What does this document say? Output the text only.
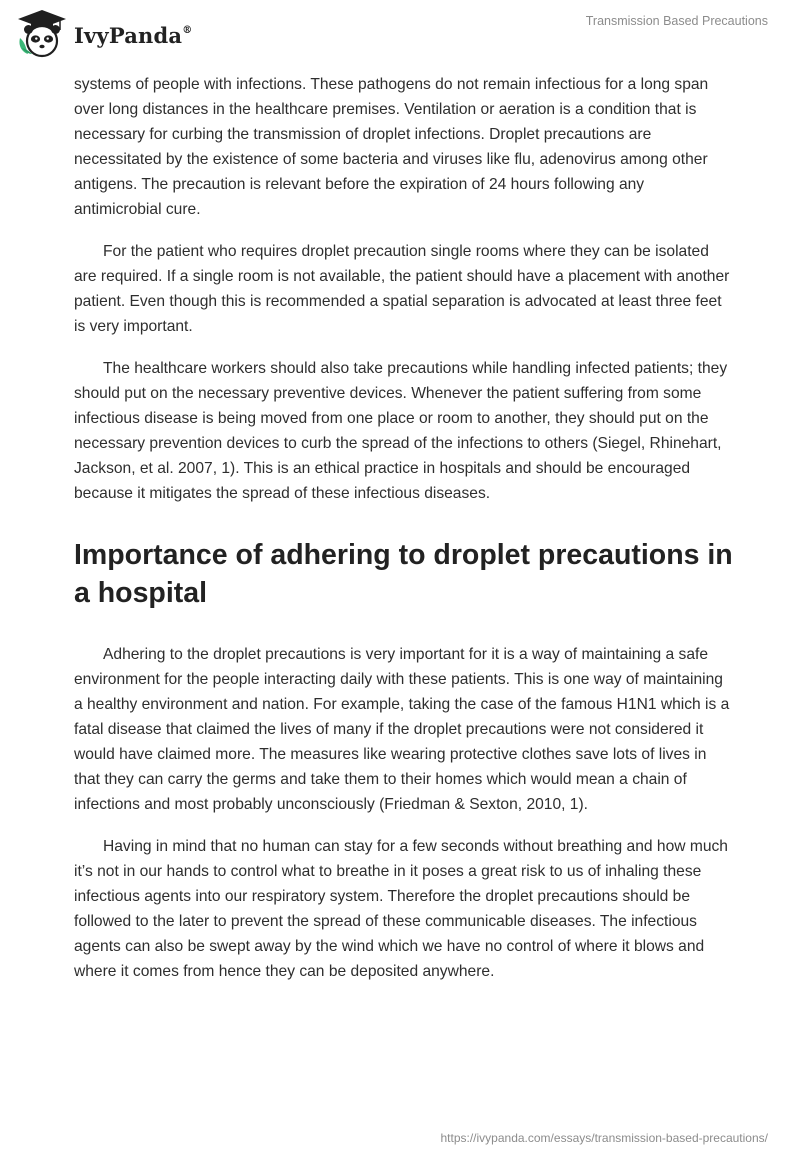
IvyPanda®
Transmission Based Precautions

systems of people with infections. These pathogens do not remain infectious for a long span over long distances in the healthcare premises. Ventilation or aeration is a condition that is necessary for curbing the transmission of droplet infections. Droplet precautions are necessitated by the existence of some bacteria and viruses like flu, adenovirus among other antigens. The precaution is relevant before the expiration of 24 hours following any antimicrobial cure.

For the patient who requires droplet precaution single rooms where they can be isolated are required. If a single room is not available, the patient should have a placement with another patient. Even though this is recommended a spatial separation is advocated at least three feet is very important.

The healthcare workers should also take precautions while handling infected patients; they should put on the necessary preventive devices. Whenever the patient suffering from some infectious disease is being moved from one place or room to another, they should put on the necessary prevention devices to curb the spread of the infections to others (Siegel, Rhinehart, Jackson, et al. 2007, 1). This is an ethical practice in hospitals and should be encouraged because it mitigates the spread of these infectious diseases.

Importance of adhering to droplet precautions in a hospital

Adhering to the droplet precautions is very important for it is a way of maintaining a safe environment for the people interacting daily with these patients. This is one way of maintaining a healthy environment and nation. For example, taking the case of the famous H1N1 which is a fatal disease that claimed the lives of many if the droplet precautions were not considered it would have claimed more. The measures like wearing protective clothes save lots of lives in that they can carry the germs and take them to their homes which would mean a chain of infections and most probably unconsciously (Friedman & Sexton, 2010, 1).

Having in mind that no human can stay for a few seconds without breathing and how much it’s not in our hands to control what to breathe in it poses a great risk to us of inhaling these infectious agents into our respiratory system. Therefore the droplet precautions should be followed to the later to prevent the spread of these communicable diseases. The infectious agents can also be swept away by the wind which we have no control of where it blows and where it comes from hence they can be deposited anywhere.

https://ivypanda.com/essays/transmission-based-precautions/
